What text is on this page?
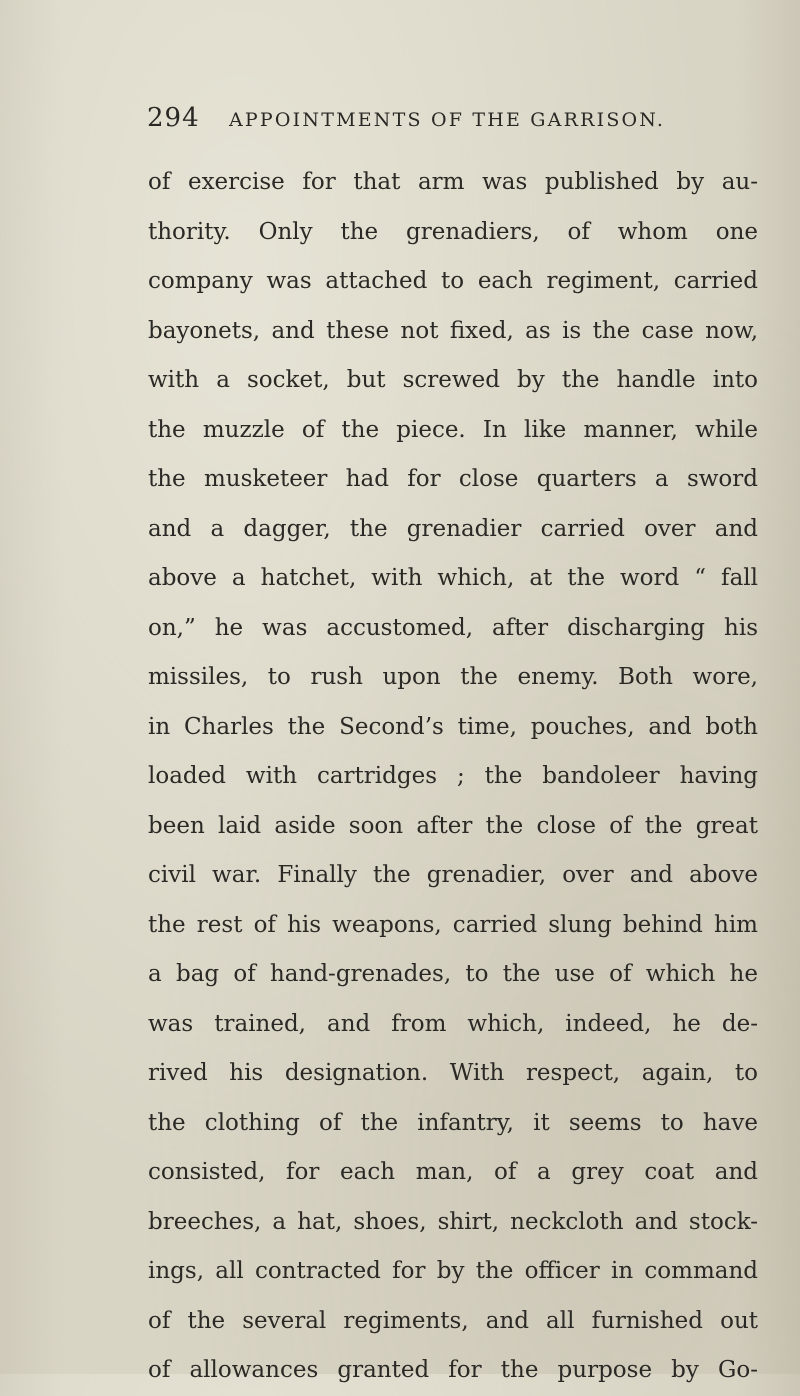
294	APPOINTMENTS OF THE GARRISON.
of exercise for that arm was published by au-
thority. Only the grenadiers, of whom one
company was attached to each regiment, carried
bayonets, and these not fixed, as is the case now,
with a socket, but screwed by the handle into
the muzzle of the piece. In like manner, while
the musketeer had for close quarters a sword
and a dagger, the grenadier carried over and
above a hatchet, with which, at the word “ fall
on,” he was accustomed, after discharging his
missiles, to rush upon the enemy. Both wore,
in Charles the Second’s time, pouches, and both
loaded with cartridges ; the bandoleer having
been laid aside soon after the close of the great
civil war. Finally the grenadier, over and above
the rest of his weapons, carried slung behind him
a bag of hand-grenades, to the use of which he
was trained, and from which, indeed, he de-
rived his designation. With respect, again, to
the clothing of the infantry, it seems to have
consisted, for each man, of a grey coat and
breeches, a hat, shoes, shirt, neckcloth and stock-
ings, all contracted for by the officer in command
of the several regiments, and all furnished out
of allowances granted for the purpose by Go-
